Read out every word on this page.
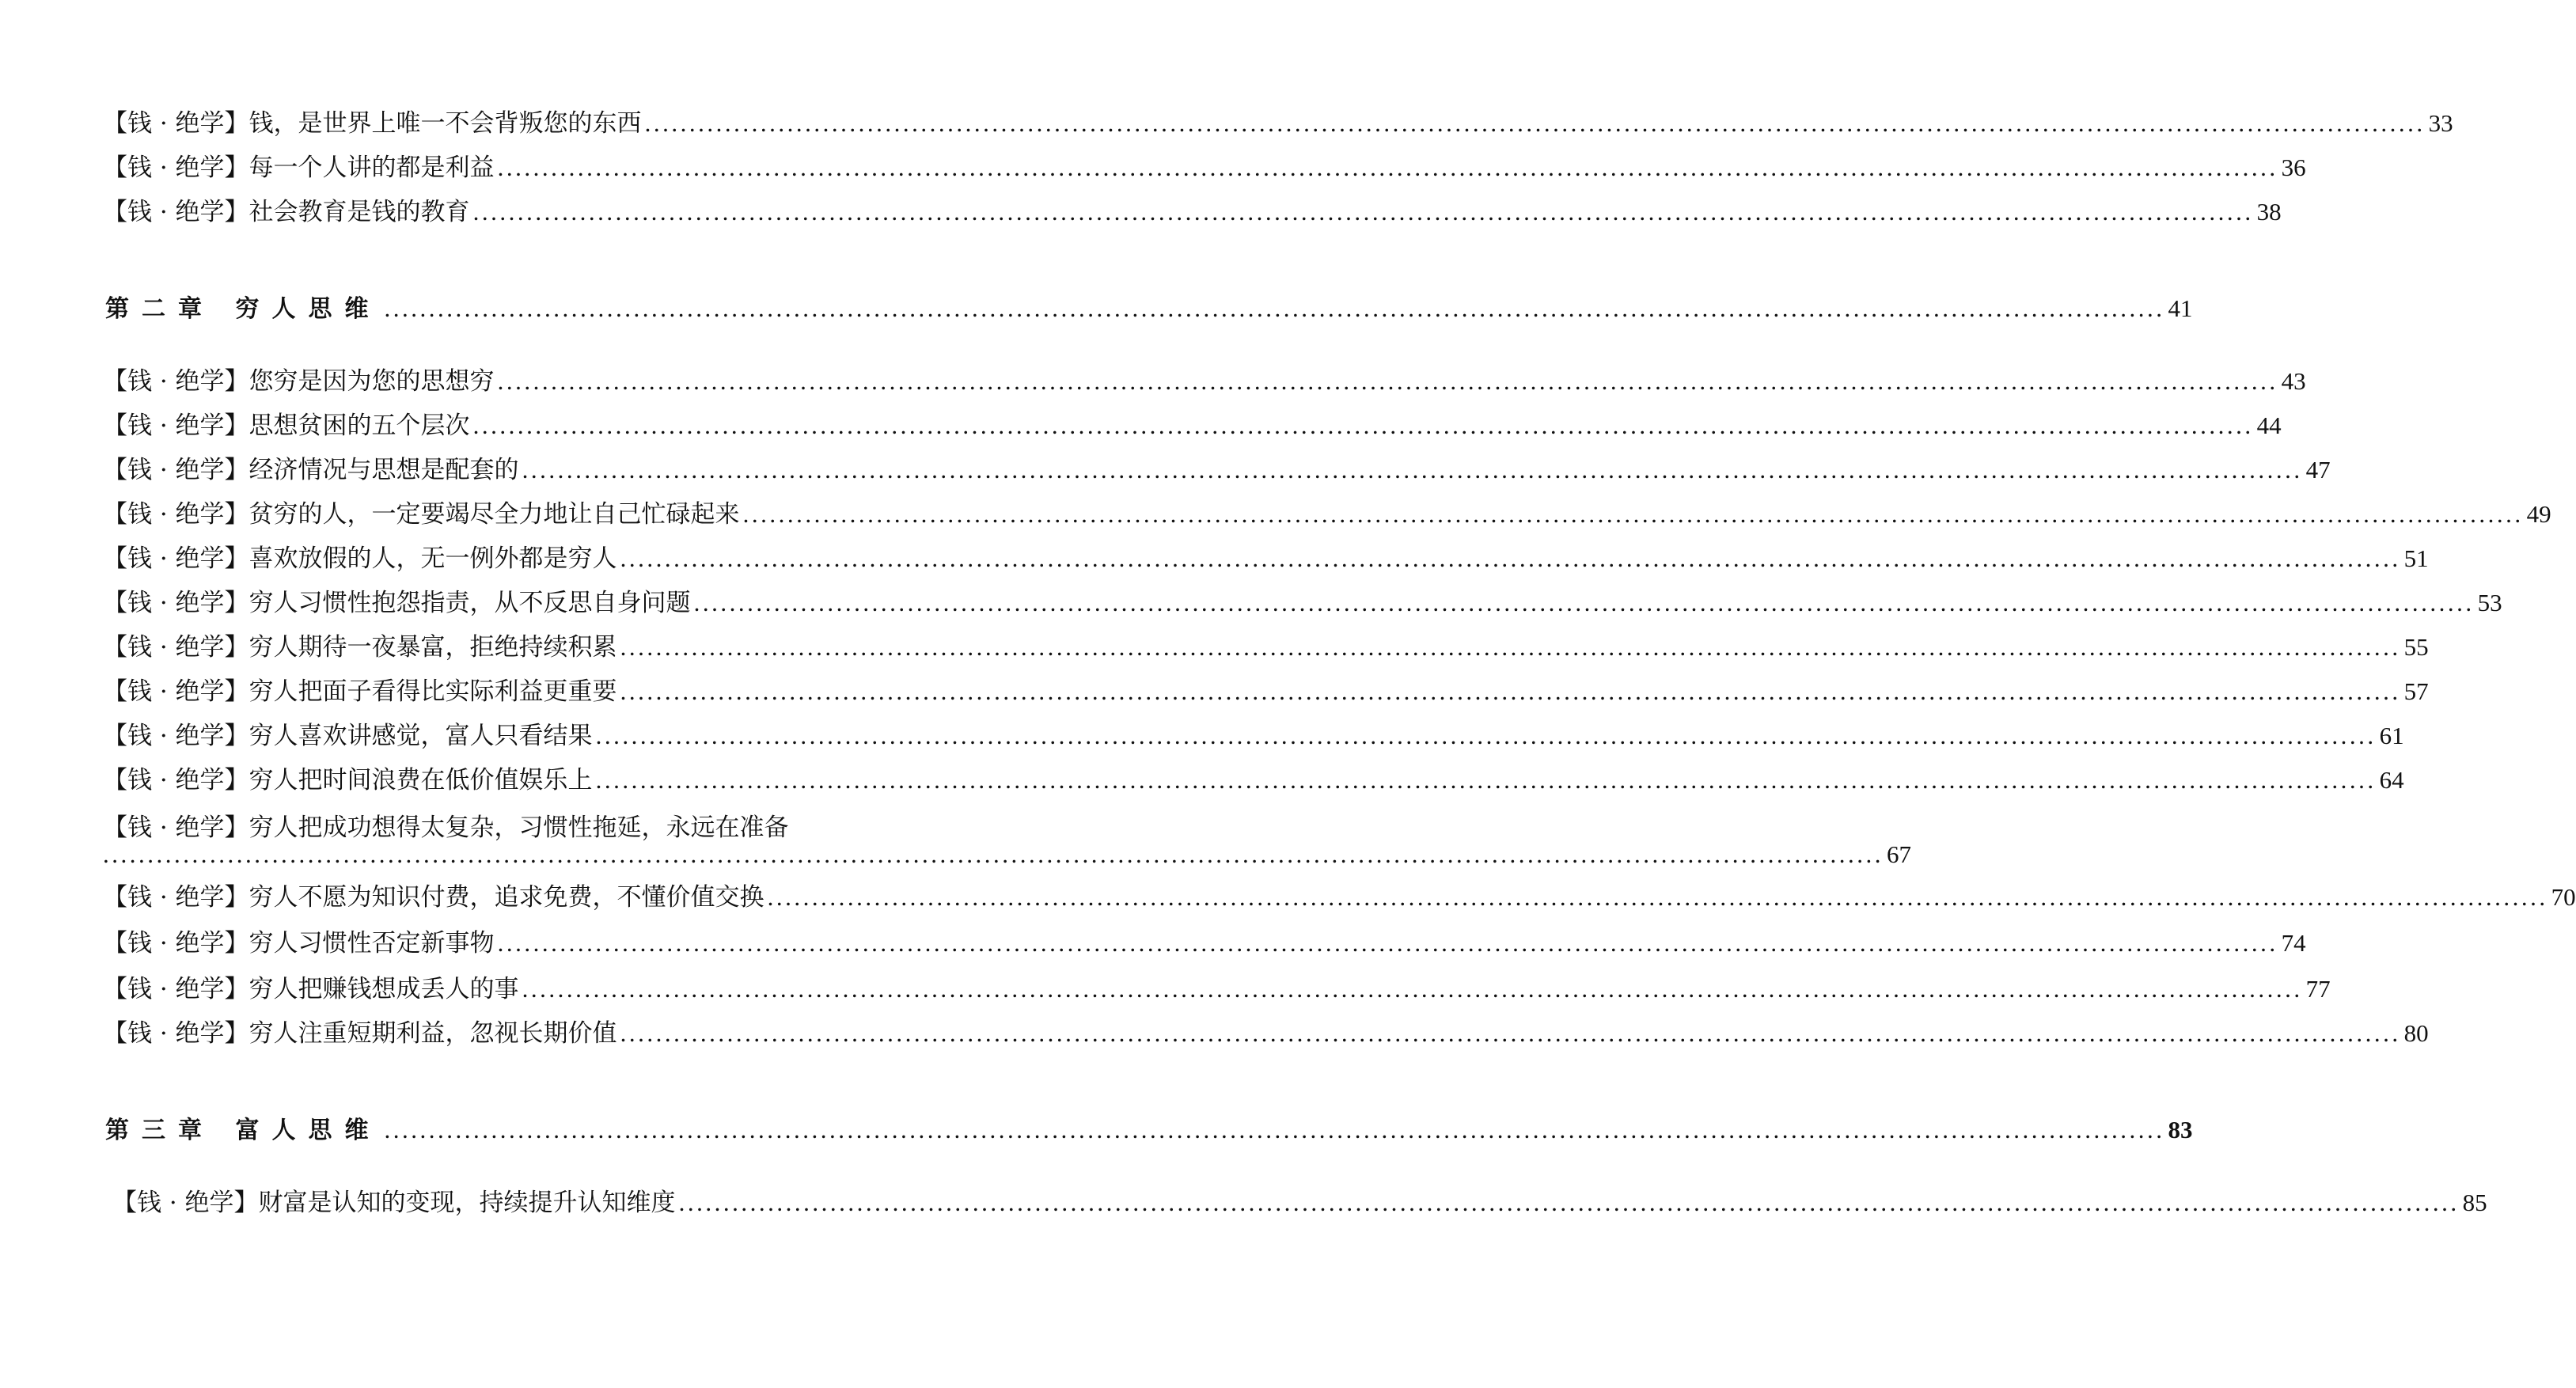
【钱 · 绝学】钱，是世界上唯一不会背叛您的东西 ........................................................................................................................................................................................................ 33
【钱 · 绝学】每一个人讲的都是利益 ........................................................................................................................................................................................................ 36
【钱 · 绝学】社会教育是钱的教育 ........................................................................................................................................................................................................ 38
第二章 穷人思维 ........................................................................................................................................................................................................ 41
【钱 · 绝学】您穷是因为您的思想穷 ........................................................................................................................................................................................................ 43
【钱 · 绝学】思想贫困的五个层次 ........................................................................................................................................................................................................ 44
【钱 · 绝学】经济情况与思想是配套的 ........................................................................................................................................................................................................ 47
【钱 · 绝学】贫穷的人，一定要竭尽全力地让自己忙碌起来 ........................................................................................................................................................................................................ 49
【钱 · 绝学】喜欢放假的人，无一例外都是穷人 ........................................................................................................................................................................................................ 51
【钱 · 绝学】穷人习惯性抱怨指责，从不反思自身问题 ........................................................................................................................................................................................................ 53
【钱 · 绝学】穷人期待一夜暴富，拒绝持续积累 ........................................................................................................................................................................................................ 55
【钱 · 绝学】穷人把面子看得比实际利益更重要 ........................................................................................................................................................................................................ 57
【钱 · 绝学】穷人喜欢讲感觉，富人只看结果 ........................................................................................................................................................................................................ 61
【钱 · 绝学】穷人把时间浪费在低价值娱乐上 ........................................................................................................................................................................................................ 64
【钱 · 绝学】穷人把成功想得太复杂，习惯性拖延，永远在准备
........................................................................................................................................................................................................ 67
【钱 · 绝学】穷人不愿为知识付费，追求免费，不懂价值交换 ........................................................................................................................................................................................................ 70
【钱 · 绝学】穷人习惯性否定新事物 ........................................................................................................................................................................................................ 74
【钱 · 绝学】穷人把赚钱想成丢人的事 ........................................................................................................................................................................................................ 77
【钱 · 绝学】穷人注重短期利益，忽视长期价值 ........................................................................................................................................................................................................ 80
第三章 富人思维 ........................................................................................................................................................................................................ 83
【钱 · 绝学】财富是认知的变现，持续提升认知维度 ........................................................................................................................................................................................................ 85
